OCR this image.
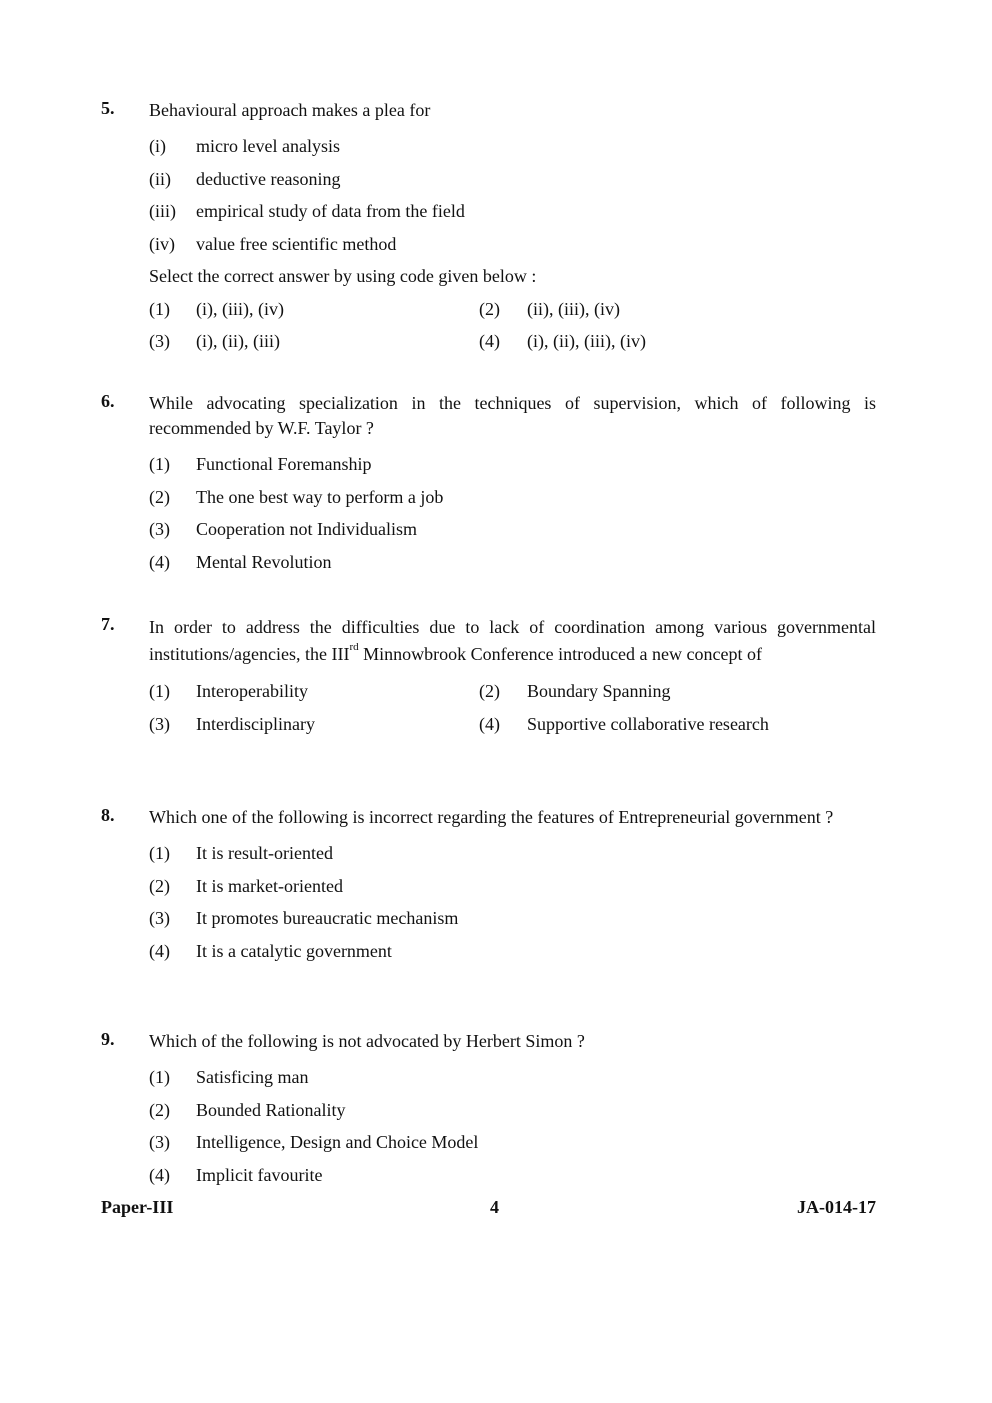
5. Behavioural approach makes a plea for
(i) micro level analysis
(ii) deductive reasoning
(iii) empirical study of data from the field
(iv) value free scientific method
Select the correct answer by using code given below :
(1) (i), (iii), (iv)	(2) (ii), (iii), (iv)
(3) (i), (ii), (iii)	(4) (i), (ii), (iii), (iv)
6. While advocating specialization in the techniques of supervision, which of following is recommended by W.F. Taylor ?
(1) Functional Foremanship
(2) The one best way to perform a job
(3) Cooperation not Individualism
(4) Mental Revolution
7. In order to address the difficulties due to lack of coordination among various governmental institutions/agencies, the IIIrd Minnowbrook Conference introduced a new concept of
(1) Interoperability	(2) Boundary Spanning
(3) Interdisciplinary	(4) Supportive collaborative research
8. Which one of the following is incorrect regarding the features of Entrepreneurial government ?
(1) It is result-oriented
(2) It is market-oriented
(3) It promotes bureaucratic mechanism
(4) It is a catalytic government
9. Which of the following is not advocated by Herbert Simon ?
(1) Satisficing man
(2) Bounded Rationality
(3) Intelligence, Design and Choice Model
(4) Implicit favourite
Paper-III	4	JA-014-17
